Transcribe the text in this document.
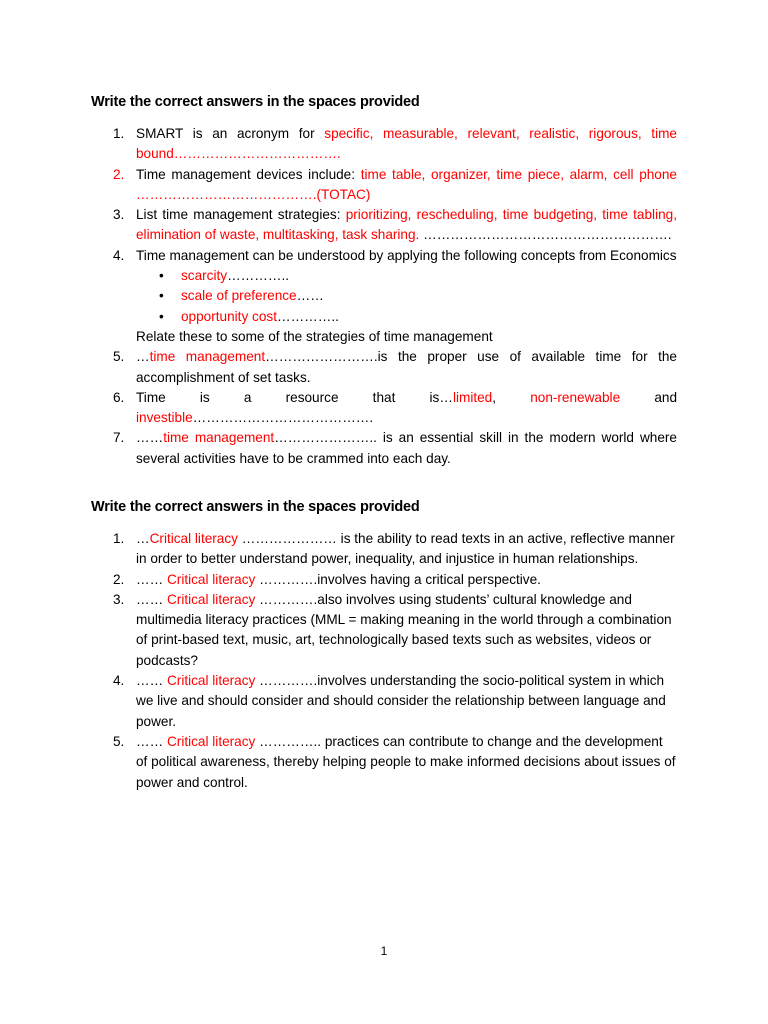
Write the correct answers in the spaces provided
1. SMART is an acronym for specific, measurable, relevant, realistic, rigorous, time bound……………………………….
2. Time management devices include: time table, organizer, time piece, alarm, cell phone ………………………………….(TOTAC)
3. List time management strategies: prioritizing, rescheduling, time budgeting, time tabling, elimination of waste, multitasking, task sharing. ……………………………………………….
4. Time management can be understood by applying the following concepts from Economics
• scarcity…………..
• scale of preference……
• opportunity cost…………..
Relate these to some of the strategies of time management
5. …time management…………………….is the proper use of available time for the accomplishment of set tasks.
6. Time is a resource that is…limited, non-renewable and investible………………………………….
7. ……time management………………….. is an essential skill in the modern world where several activities have to be crammed into each day.
Write the correct answers in the spaces provided
1. …Critical literacy ………………… is the ability to read texts in an active, reflective manner in order to better understand power, inequality, and injustice in human relationships.
2. …… Critical literacy ………….involves having a critical perspective.
3. …… Critical literacy ………….also involves using students’ cultural knowledge and multimedia literacy practices (MML = making meaning in the world through a combination of print-based text, music, art, technologically based texts such as websites, videos or podcasts?
4. …… Critical literacy ………….involves understanding the socio-political system in which we live and should consider and should consider the relationship between language and power.
5. …… Critical literacy ………….. practices can contribute to change and the development of political awareness, thereby helping people to make informed decisions about issues of power and control.
1
